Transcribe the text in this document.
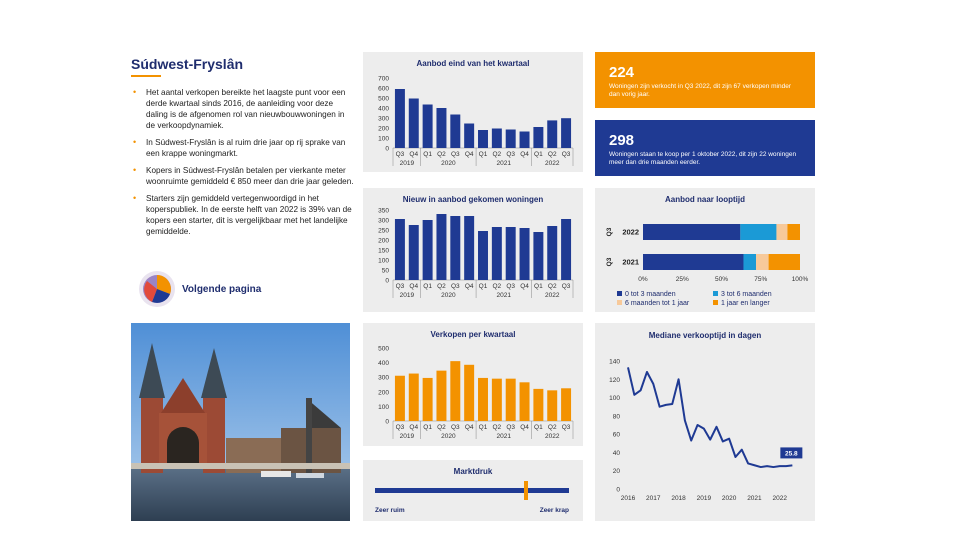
Súdwest-Fryslân
• Het aantal verkopen bereikte het laagste punt voor een derde kwartaal sinds 2016, de aanleiding voor deze daling is de afgenomen rol van nieuwbouwwoningen in de verkoopdynamiek.
• In Súdwest-Fryslân is al ruim drie jaar op rij sprake van een krappe woningmarkt.
• Kopers in Súdwest-Fryslân betalen per vierkante meter woonruimte gemiddeld € 850 meer dan drie jaar geleden.
• Starters zijn gemiddeld vertegenwoordigd in het koperspubliek. In de eerste helft van 2022 is 39% van de kopers een starter, dit is vergelijkbaar met het landelijke gemiddelde.
Volgende pagina
Aanbod eind van het kwartaal
0
100
200
300
400
500
600
700
Q3 Q4 Q1 Q2 Q3 Q4 Q1 Q2 Q3 Q4 Q1 Q2 Q3
2019	2020	2021	2022
Nieuw in aanbod gekomen woningen
0
50
100
150
200
250
300
350
Q3 Q4 Q1 Q2 Q3 Q4 Q1 Q2 Q3 Q4 Q1 Q2 Q3
2019	2020	2021	2022
Verkopen per kwartaal
0
100
200
300
400
500
Q3 Q4 Q1 Q2 Q3 Q4 Q1 Q2 Q3 Q4 Q1 Q2 Q3
2019	2020	2021	2022
Marktdruk
Zeer ruim	Zeer krap
224
Woningen zijn verkocht in Q3 2022, dit zijn 67 verkopen minder dan vorig jaar.
298
Woningen staan te koop per 1 oktober 2022, dit zijn 22 woningen meer dan drie maanden eerder.
Aanbod naar looptijd
2022
Q3
2021
Q3
0%	25%	50%	75%	100%
0 tot 3 maanden	3 tot 6 maanden
6 maanden tot 1 jaar	1 jaar en langer
Mediane verkooptijd in dagen
0
20
40
60
80
100
120
140
2016 2017 2018 2019 2020 2021 2022
25.8
